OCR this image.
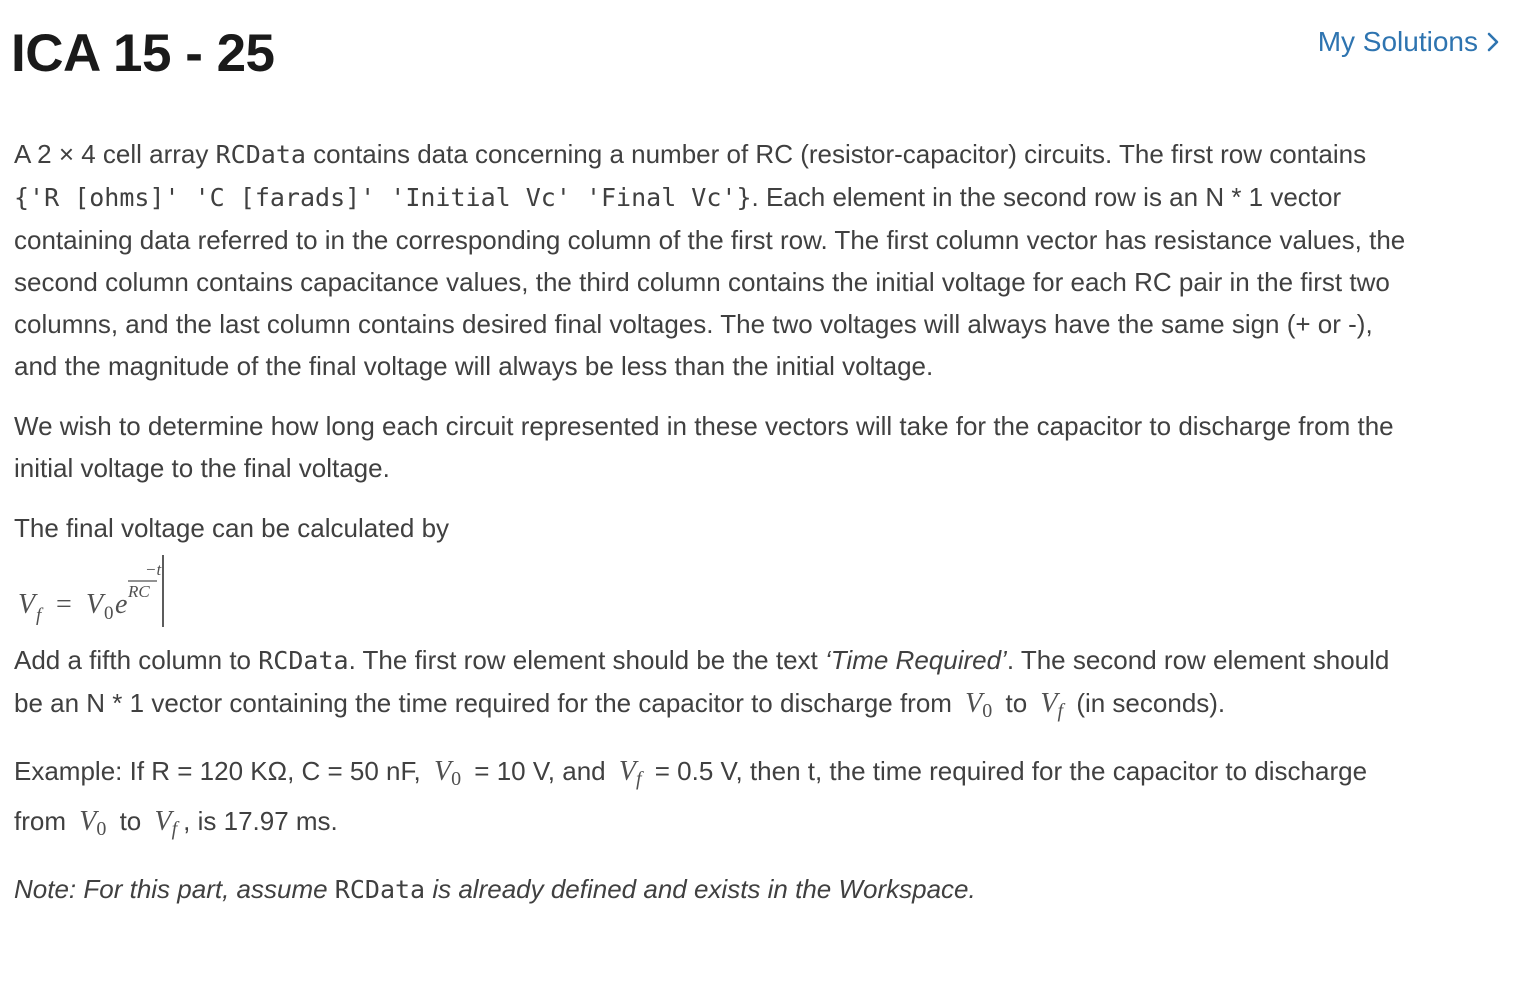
ICA 15 - 25	My Solutions

A 2 × 4 cell array RCData contains data concerning a number of RC (resistor-capacitor) circuits. The first row contains {'R [ohms]' 'C [farads]' 'Initial Vc' 'Final Vc'}. Each element in the second row is an N * 1 vector containing data referred to in the corresponding column of the first row. The first column vector has resistance values, the second column contains capacitance values, the third column contains the initial voltage for each RC pair in the first two columns, and the last column contains desired final voltages. The two voltages will always have the same sign (+ or -), and the magnitude of the final voltage will always be less than the initial voltage.

We wish to determine how long each circuit represented in these vectors will take for the capacitor to discharge from the initial voltage to the final voltage.

The final voltage can be calculated by

V f = V 0 e
−t
RC

Add a fifth column to RCData. The first row element should be the text ‘Time Required’. The second row element should be an N * 1 vector containing the time required for the capacitor to discharge from $V_0$ to $V_f$ (in seconds).

Example: If R = 120 KΩ, C = 50 nF, $V_0 = 10$ V, and $V_f = 0.5$ V, then t, the time required for the capacitor to discharge from $V_0$ to $V_f$ , is 17.97 ms.

Note: For this part, assume RCData is already defined and exists in the Workspace.
